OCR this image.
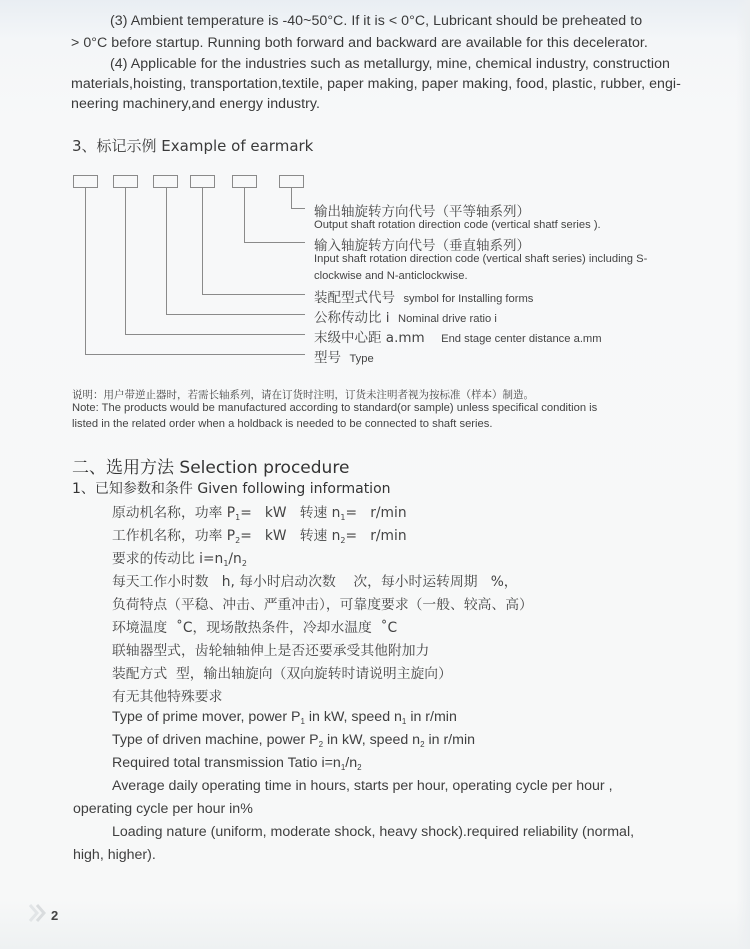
(3) Ambient temperature is -40~50°C. If it is < 0°C, Lubricant should be preheated to
> 0°C before startup. Running both forward and backward are available for this decelerator.
(4) Applicable for the industries such as metallurgy, mine, chemical industry, construction
materials,hoisting, transportation,textile, paper making, paper making, food, plastic, rubber, engi-
neering machinery,and energy industry.
3、标记示例 Example of earmark
输出轴旋转方向代号（平等轴系列）
Output shaft rotation direction code (vertical shatf series ).
输入轴旋转方向代号（垂直轴系列）
Input shaft rotation direction code (vertical shaft series) including S-
clockwise and N-anticlockwise.
装配型式代号 symbol for Installing forms
公称传动比 i Nominal drive ratio i
末级中心距 a.mm End stage center distance a.mm
型号 Type
说明：用户带逆止器时，若需长轴系列，请在订货时注明，订货未注明者视为按标准（样本）制造。
Note: The products would be manufactured according to standard(or sample) unless specifical condition is
listed in the related order when a holdback is needed to be connected to shaft series.
二、选用方法 Selection procedure
1、已知参数和条件 Given following information
原动机名称，功率 $P_1=$   kW   转速 $n_1= r/\min$
工作机名称，功率 $P_2=$   kW   转速 $n_2= r/\min$
要求的传动比 $i=n_1/n_2$
每天工作小时数   h, 每小时启动次数    次，每小时运转周期   %，
负荷特点（平稳、冲击、严重冲击），可靠度要求（一般、较高、高）
环境温度  ˚C，现场散热条件，冷却水温度  ˚C
联轴器型式，齿轮轴轴伸上是否还要承受其他附加力
装配方式  型，输出轴旋向（双向旋转时请说明主旋向）
有无其他特殊要求
Type of prime mover, power $P_1$ in kW, speed $n_1$ in r/min
Type of driven machine, power $P_2$ in kW, speed $n_2$ in r/min
Required total transmission Tatio $i=n_1/n_2$
Average daily operating time in hours, starts per hour, operating cycle per hour ,
operating cycle per hour in%
Loading nature (uniform, moderate shock, heavy shock).required reliability (normal,
high, higher).
2
